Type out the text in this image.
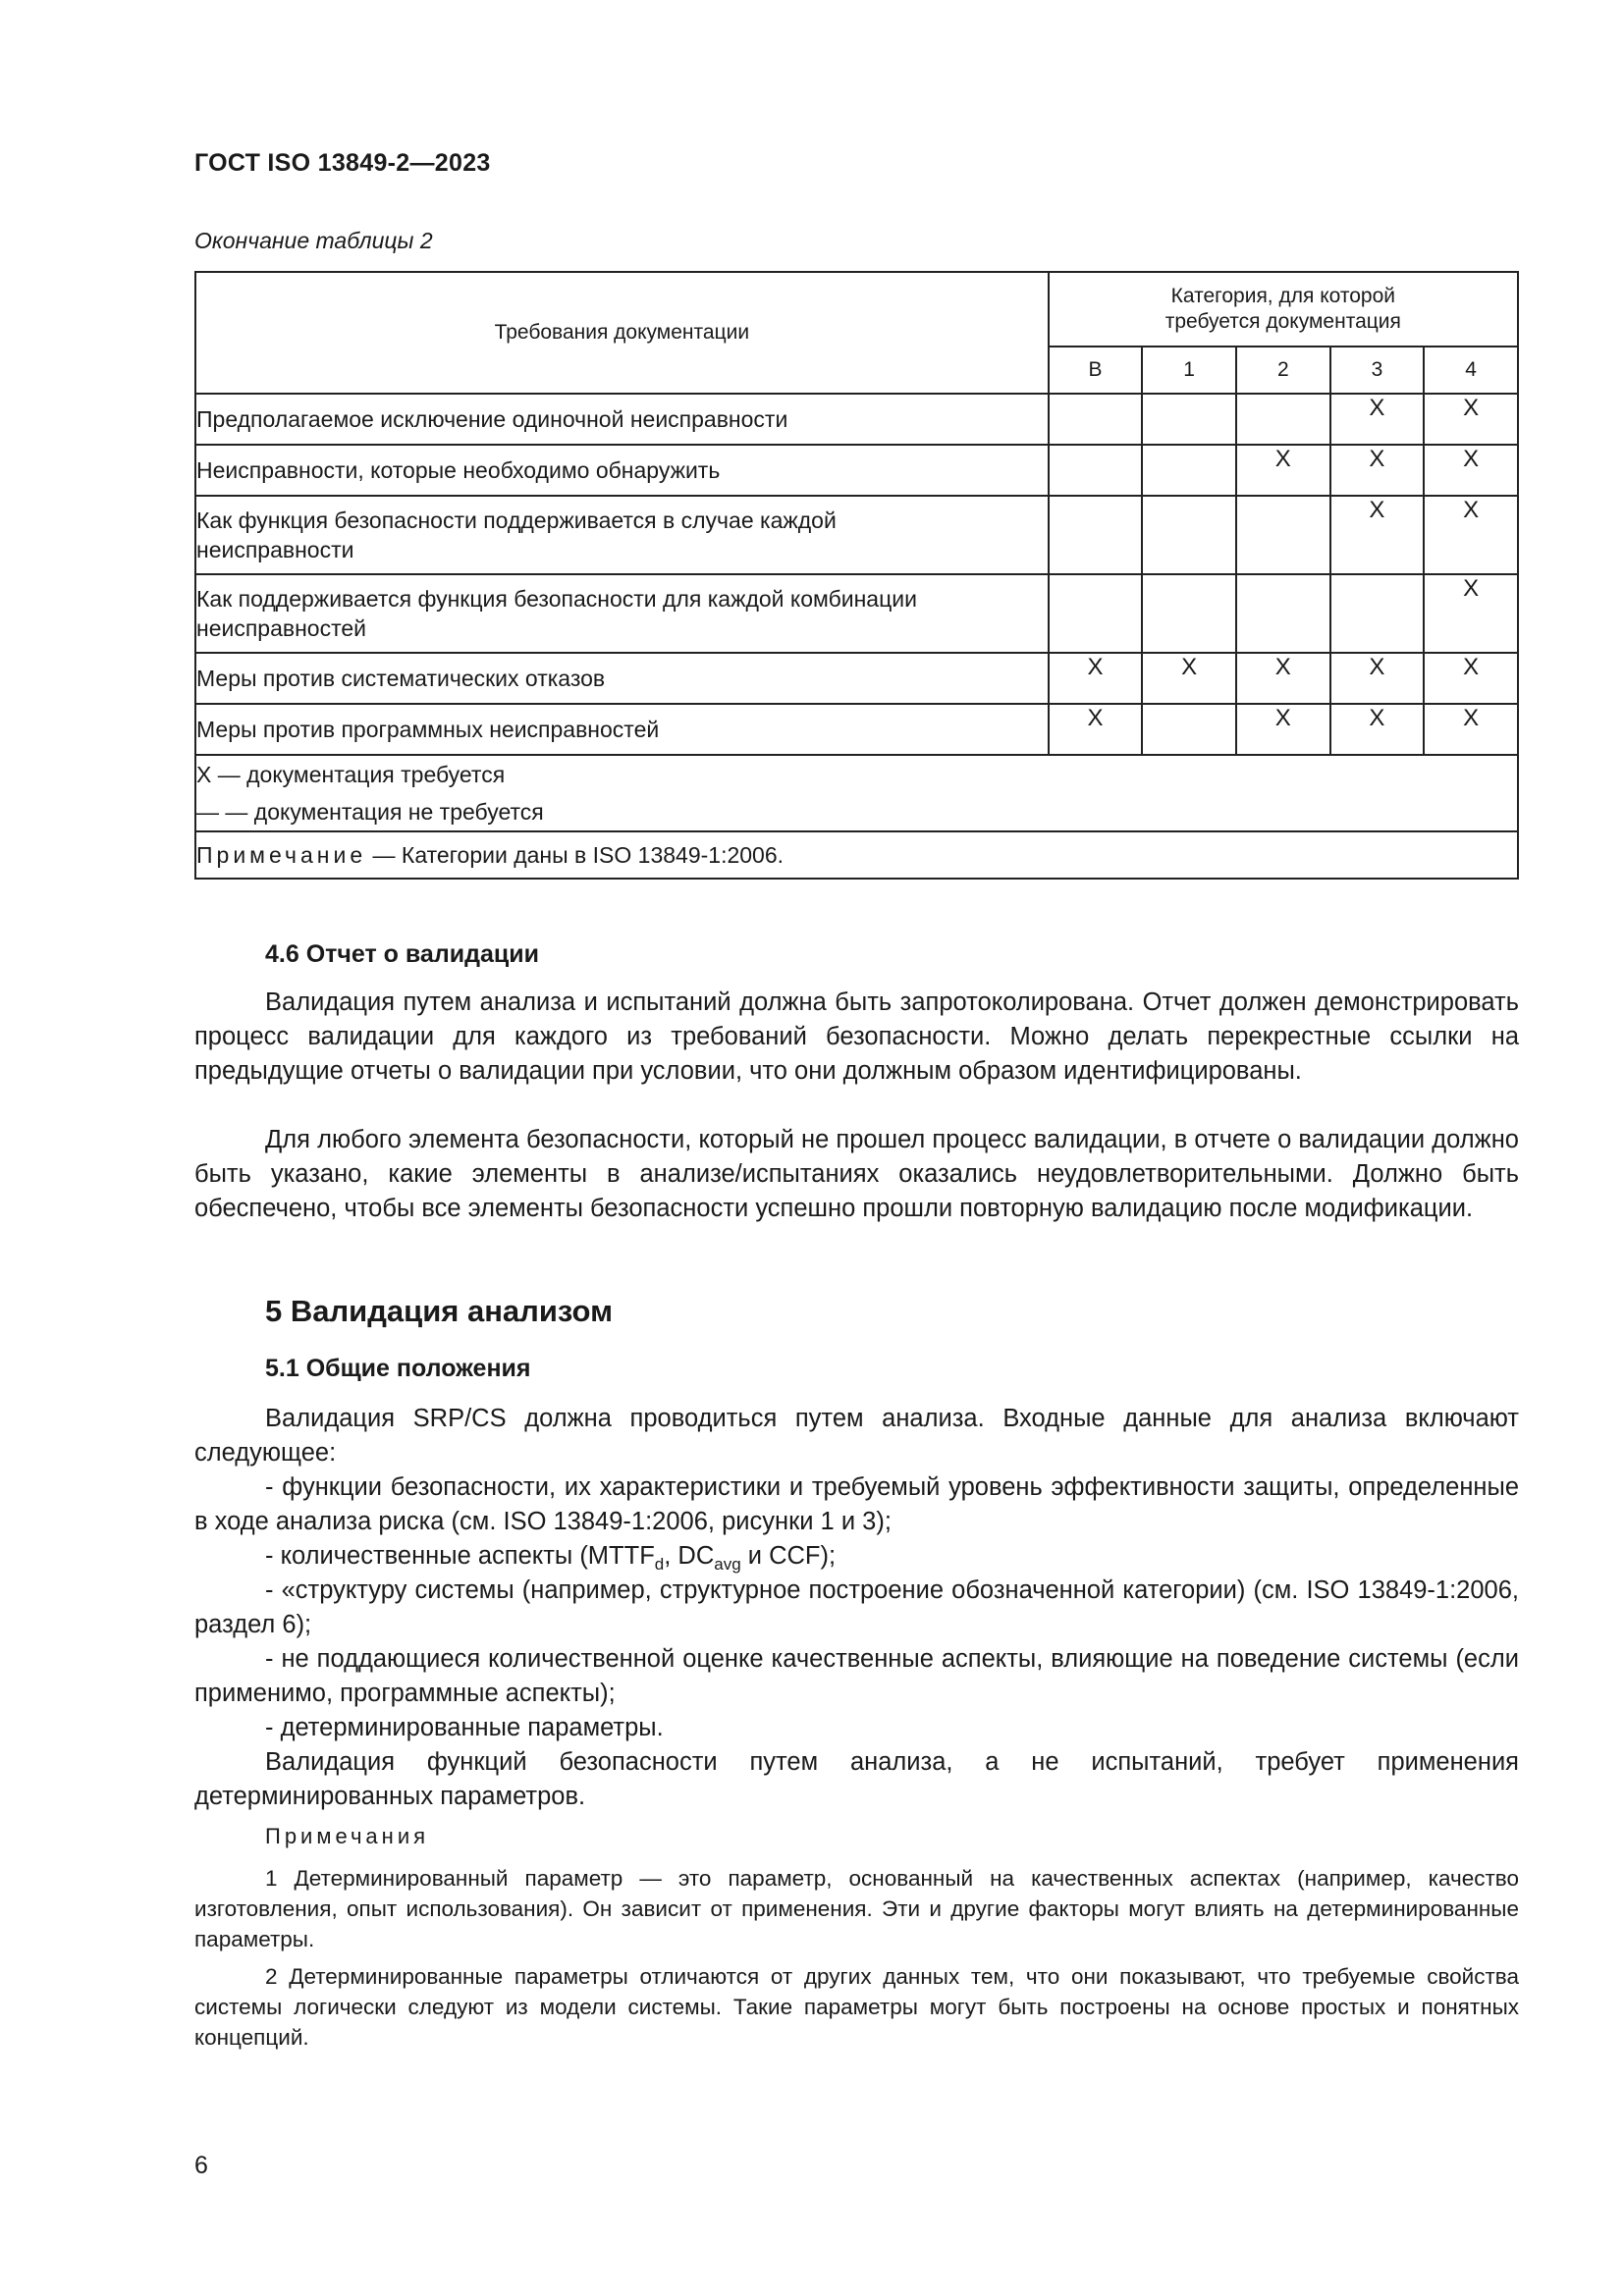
ГОСТ ISO 13849-2—2023
Окончание таблицы 2
Требования документации	Категория, для которой
требуется документация				
	В	1	2	3	4
Предполагаемое исключение одиночной неисправности				X	X
Неисправности, которые необходимо обнаружить			X	X	X
Как функция безопасности поддерживается в случае каждой
неисправности				X	X
Как поддерживается функция безопасности для каждой комбинации
неисправностей					X
Меры против систематических отказов	X	X	X	X	X
Меры против программных неисправностей	X		X	X	X
X — документация требуется
— — документация не требуется					
Примечание — Категории даны в ISO 13849-1:2006.					
4.6 Отчет о валидации

Валидация путем анализа и испытаний должна быть запротоколирована. Отчет должен демонстрировать процесс валидации для каждого из требований безопасности. Можно делать перекрестные ссылки на предыдущие отчеты о валидации при условии, что они должным образом идентифицированы.

Для любого элемента безопасности, который не прошел процесс валидации, в отчете о валидации должно быть указано, какие элементы в анализе/испытаниях оказались неудовлетворительными. Должно быть обеспечено, чтобы все элементы безопасности успешно прошли повторную валидацию после модификации.

5 Валидация анализом
5.1 Общие положения

Валидация SRP/CS должна проводиться путем анализа. Входные данные для анализа включают следующее:

- функции безопасности, их характеристики и требуемый уровень эффективности защиты, определенные в ходе анализа риска (см. ISO 13849-1:2006, рисунки 1 и 3);

- количественные аспекты ($MTTF_d$, $DC_{avg}$ и CCF);

- «структуру системы (например, структурное построение обозначенной категории) (см. ISO 13849-1:2006, раздел 6);

- не поддающиеся количественной оценке качественные аспекты, влияющие на поведение системы (если применимо, программные аспекты);

- детерминированные параметры.

Валидация функций безопасности путем анализа, а не испытаний, требует применения детерминированных параметров.

Примечания

1 Детерминированный параметр — это параметр, основанный на качественных аспектах (например, качество изготовления, опыт использования). Он зависит от применения. Эти и другие факторы могут влиять на детерминированные параметры.

2 Детерминированные параметры отличаются от других данных тем, что они показывают, что требуемые свойства системы логически следуют из модели системы. Такие параметры могут быть построены на основе простых и понятных концепций.

6
